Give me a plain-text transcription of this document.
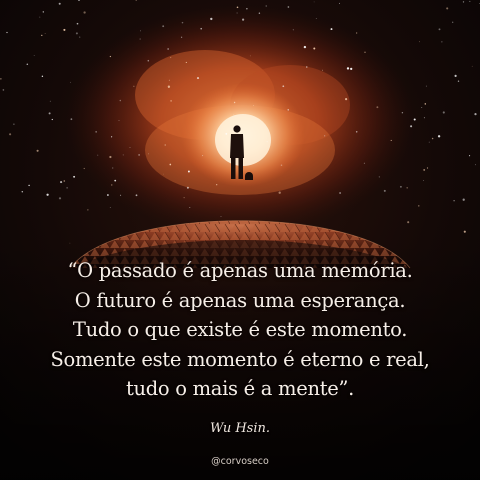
“O passado é apenas uma memória.
O futuro é apenas uma esperança.
Tudo o que existe é este momento.
Somente este momento é eterno e real,
tudo o mais é a mente”.
Wu Hsin.
@corvoseco
